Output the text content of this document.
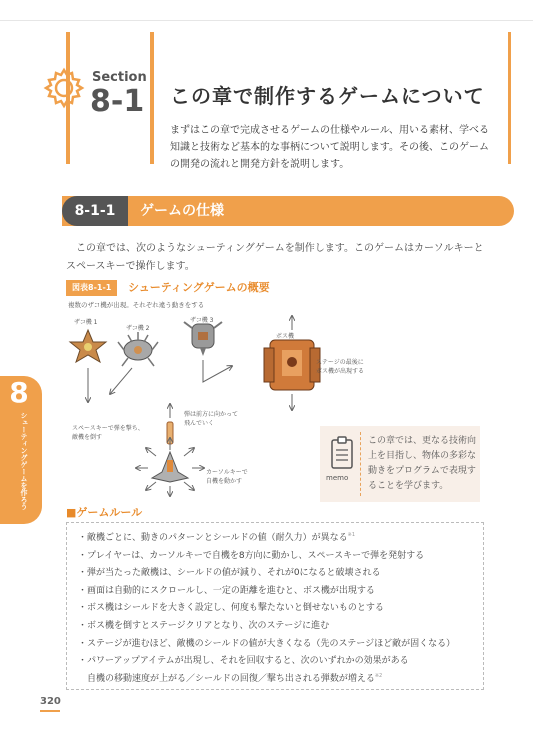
Section
8-1 この章で制作するゲームについて
まずはこの章で完成させるゲームの仕様やルール、用いる素材、学べる知識と技術など基本的な事柄について説明します。その後、このゲームの開発の流れと開発方針を説明します。
8-1-1	ゲームの仕様
この章では、次のようなシューティングゲームを制作します。このゲームはカーソルキーとスペースキーで操作します。
図表8-1-1	シューティングゲームの概要
複数のザコ機が出現。それぞれ違う動きをする
ザコ機 1
ザコ機 2
ザコ機 3
ボス機
ステージの最後に
ボス機が出現する
スペースキーで弾を撃ち、
敵機を倒す
弾は前方に向かって
飛んでいく
カーソルキーで
自機を動かす	memo
この章では、更なる技術向上を目指し、物体の多彩な動きをプログラムで表現することを学びます。
8
シューティングゲームを作ろう
■ゲームルール
・敵機ごとに、動きのパターンとシールドの値（耐久力）が異なる$^{※1}$
・プレイヤーは、カーソルキーで自機を8方向に動かし、スペースキーで弾を発射する
・弾が当たった敵機は、シールドの値が減り、それが0になると破壊される
・画面は自動的にスクロールし、一定の距離を進むと、ボス機が出現する
・ボス機はシールドを大きく設定し、何度も撃たないと倒せないものとする
・ボス機を倒すとステージクリアとなり、次のステージに進む
・ステージが進むほど、敵機のシールドの値が大きくなる（先のステージほど敵が固くなる）
・パワーアップアイテムが出現し、それを回収すると、次のいずれかの効果がある
　自機の移動速度が上がる／シールドの回復／撃ち出される弾数が増える$^{※2}$
320
